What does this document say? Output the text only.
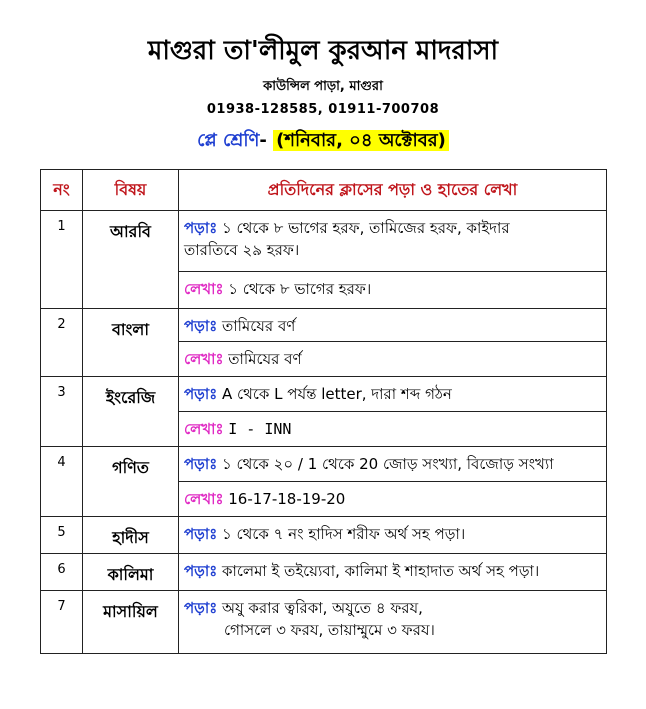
মাগুরা তা'লীমুল কুরআন মাদরাসা
কাউন্সিল পাড়া, মাগুরা
01938-128585, 01911-700708
প্লে শ্রেণি- (শনিবার, ০৪ অক্টোবর)
নং	বিষয়	প্রতিদিনের ক্লাসের পড়া ও হাতের লেখা
1	আরবি	পড়াঃ ১ থেকে ৮ ভাগের হরফ, তামিজের হরফ, কাইদার
তারতিবে ২৯ হরফ।
		লেখাঃ ১ থেকে ৮ ভাগের হরফ।
2	বাংলা	পড়াঃ তামিযের বর্ণ
		লেখাঃ তামিযের বর্ণ
3	ইংরেজি	পড়াঃ A থেকে L পর্যন্ত letter, দারা শব্দ গঠন
		লেখাঃ I - INN
4	গণিত	পড়াঃ ১ থেকে ২০ / 1 থেকে 20 জোড় সংখ্যা, বিজোড় সংখ্যা
		লেখাঃ 16-17-18-19-20
5	হাদীস	পড়াঃ ১ থেকে ৭ নং হাদিস শরীফ অর্থ সহ পড়া।
6	কালিমা	পড়াঃ কালেমা ই তইয়্যেবা, কালিমা ই শাহাদাত অর্থ সহ পড়া।
7	মাসায়িল	পড়াঃ অযু করার ত্বরিকা, অযুতে ৪ ফরয,
গোসলে ৩ ফরয, তায়াম্মুমে ৩ ফরয।
